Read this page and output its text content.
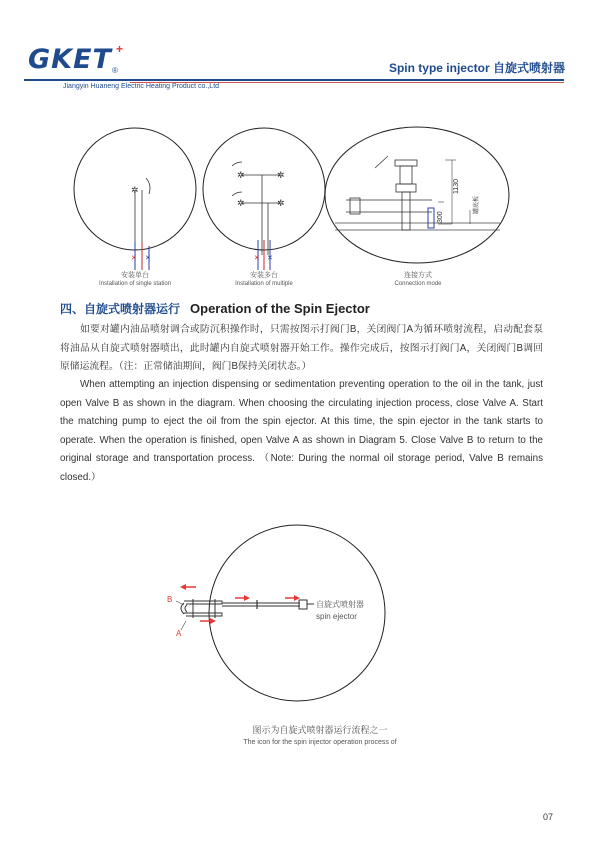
GKET +
®	Spin type injector 自旋式喷射器
Jiangyin Huaneng Electric Heating Product co.,Ltd
✲
✕ ✕
✲	✲
✲	✲
✕ ✕
1130
300
罐底板
安装单台
Installation of single station
安装多台
Installation of multiple
连接方式
Connection mode
四、自旋式喷射器运行 Operation of the Spin Ejector
如要对罐内油品喷射调合或防沉积操作时，只需按图示打阀门B，关闭阀门A为循环喷射流程，启动配套泵将油品从自旋式喷射器喷出，此时罐内自旋式喷射器开始工作。操作完成后，按图示打阀门A，关闭阀门B调回原储运流程。（注：正常储油期间，阀门B保持关闭状态。）
When attempting an injection dispensing or sedimentation preventing operation to the oil in the tank, just open Valve B as shown in the diagram. When choosing the circulating injection process, close Valve A. Start the matching pump to eject the oil from the spin ejector. At this time, the spin ejector in the tank starts to operate. When the operation is finished, open Valve A as shown in Diagram 5. Close Valve B to return to the original storage and transportation process. （Note: During the normal oil storage period, Valve B remains closed.）
B
A
自旋式喷射器
spin ejector
图示为自旋式喷射器运行流程之一
The icon for the spin injector operation process of
07
